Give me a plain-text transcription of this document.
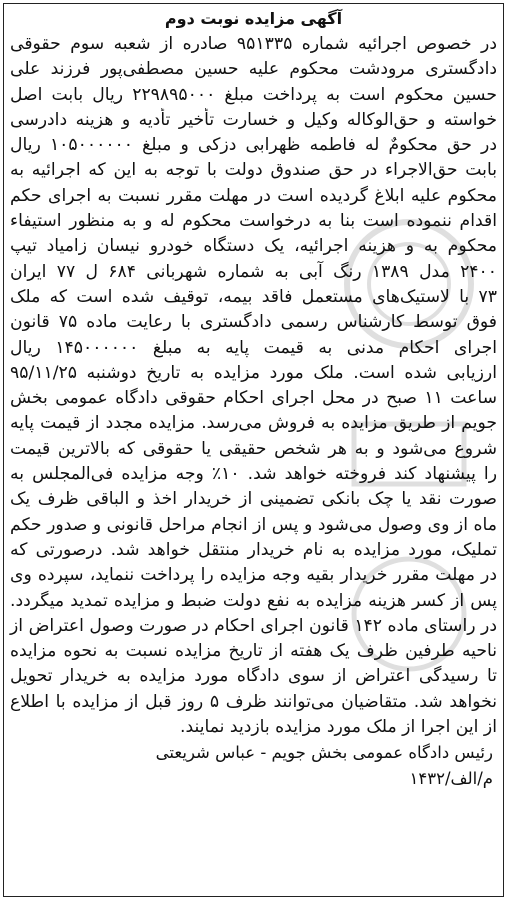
آگهی مزایده نوبت دوم
در خصوص اجرائیه شماره ۹۵۱۳۳۵ صادره از شعبه سوم حقوقی
دادگستری مرودشت محکوم علیه حسین مصطفی‌پور فرزند علی
حسین محکوم است به پرداخت مبلغ ۲۲۹۸۹۵۰۰۰ ریال بابت اصل
خواسته و حق‌الوکاله وکیل و خسارت تأخیر تأدیه و هزینه دادرسی
در حق محکوم‌ٌ له فاطمه ظهرابی دزکی و مبلغ ۱۰۵۰۰۰۰۰۰ ریال
بابت حق‌الاجراء در حق صندوق دولت با توجه به این که اجرائیه به
محکوم علیه ابلاغ گردیده است در مهلت مقرر نسبت به اجرای حکم
اقدام ننموده است بنا به درخواست محکوم له و به منظور استیفاء
محکوم به و هزینه اجرائیه، یک دستگاه خودرو نیسان زامیاد تیپ
۲۴۰۰ مدل ۱۳۸۹ رنگ آبی به شماره شهربانی ۶۸۴ ل ۷۷ ایران
۷۳ با لاستیک‌های مستعمل فاقد بیمه، توقیف شده است که ملک
فوق توسط کارشناس رسمی دادگستری با رعایت ماده ۷۵ قانون
اجرای احکام مدنی به قیمت پایه به مبلغ ۱۴۵۰۰۰۰۰۰ ریال
ارزیابی شده است. ملک مورد مزایده به تاریخ دوشنبه ۹۵/۱۱/۲۵
ساعت ۱۱ صبح در محل اجرای احکام حقوقی دادگاه عمومی بخش
جویم از طریق مزایده به فروش می‌رسد. مزایده مجدد از قیمت پایه
شروع می‌شود و به هر شخص حقیقی یا حقوقی که بالاترین قیمت
را پیشنهاد کند فروخته خواهد شد. ۱۰٪ وجه مزایده فی‌المجلس به
صورت نقد یا چک بانکی تضمینی از خریدار اخذ و الباقی ظرف یک
ماه از وی وصول می‌شود و پس از انجام مراحل قانونی و صدور حکم
تملیک، مورد مزایده به نام خریدار منتقل خواهد شد. درصورتی که
در مهلت مقرر خریدار بقیه وجه مزایده را پرداخت ننماید، سپرده وی
پس از کسر هزینه مزایده به نفع دولت ضبط و مزایده تمدید میگردد.
در راستای ماده ۱۴۲ قانون اجرای احکام در صورت وصول اعتراض از
ناحیه طرفین ظرف یک هفته از تاریخ مزایده نسبت به نحوه مزایده
تا رسیدگی اعتراض از سوی دادگاه مورد مزایده به خریدار تحویل
نخواهد شد. متقاضیان می‌توانند ظرف ۵ روز قبل از مزایده با اطلاع
از این اجرا از ملک مورد مزایده بازدید نمایند.
رئیس دادگاه عمومی بخش جویم - عباس شریعتی
م/الف/۱۴۳۲
